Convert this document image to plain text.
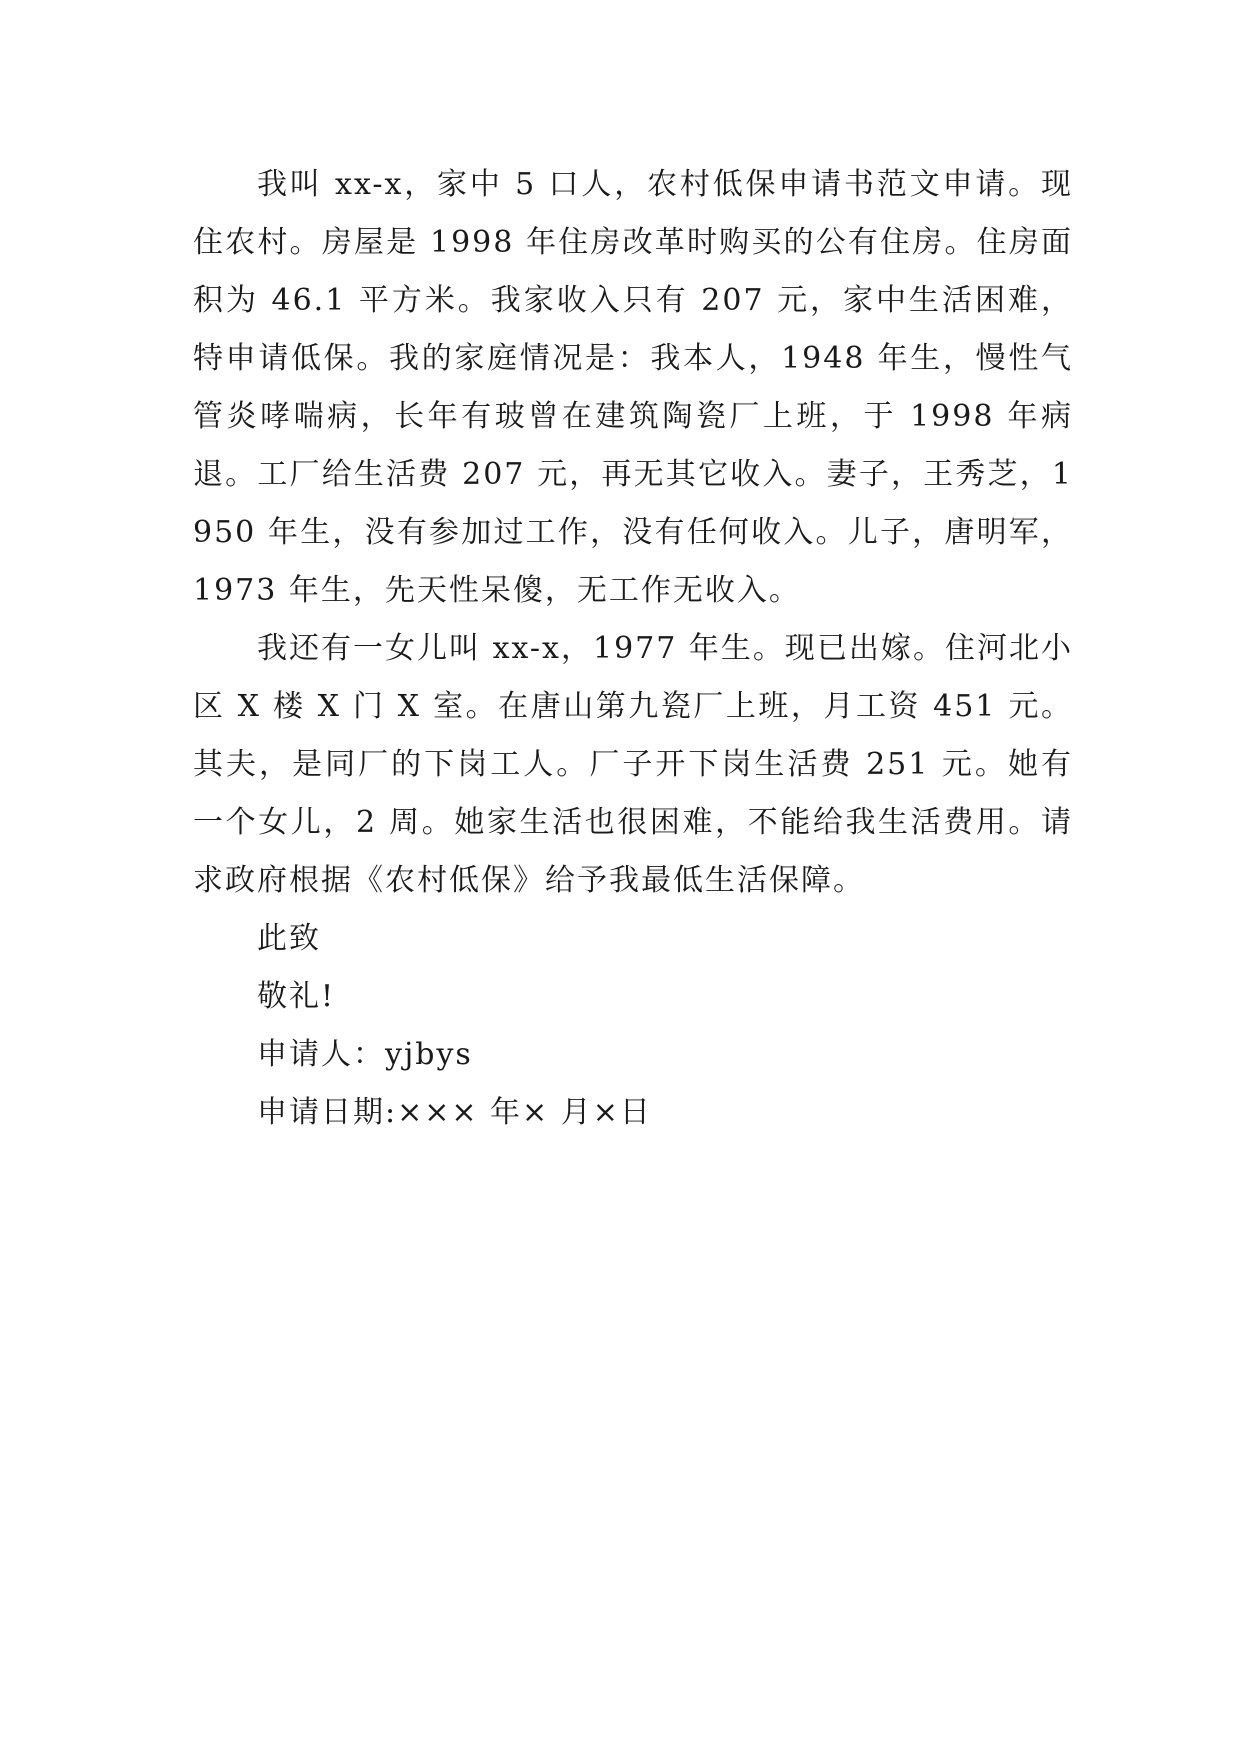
我叫 xx-x，家中 5 口人，农村低保申请书范文申请。现住农村。房屋是 1998 年住房改革时购买的公有住房。住房面积为 46.1 平方米。我家收入只有 207 元，家中生活困难，特申请低保。我的家庭情况是：我本人，1948 年生，慢性气管炎哮喘病，长年有玻曾在建筑陶瓷厂上班，于 1998 年病退。工厂给生活费 207 元，再无其它收入。妻子，王秀芝，1950 年生，没有参加过工作，没有任何收入。儿子，唐明军，1973 年生，先天性呆傻，无工作无收入。

我还有一女儿叫 xx-x，1977 年生。现已出嫁。住河北小区 X 楼 X 门 X 室。在唐山第九瓷厂上班，月工资 451 元。其夫，是同厂的下岗工人。厂子开下岗生活费 251 元。她有一个女儿，2 周。她家生活也很困难，不能给我生活费用。请求政府根据《农村低保》给予我最低生活保障。

此致

敬礼!

申请人：yjbys

申请日期:××× 年× 月×日
